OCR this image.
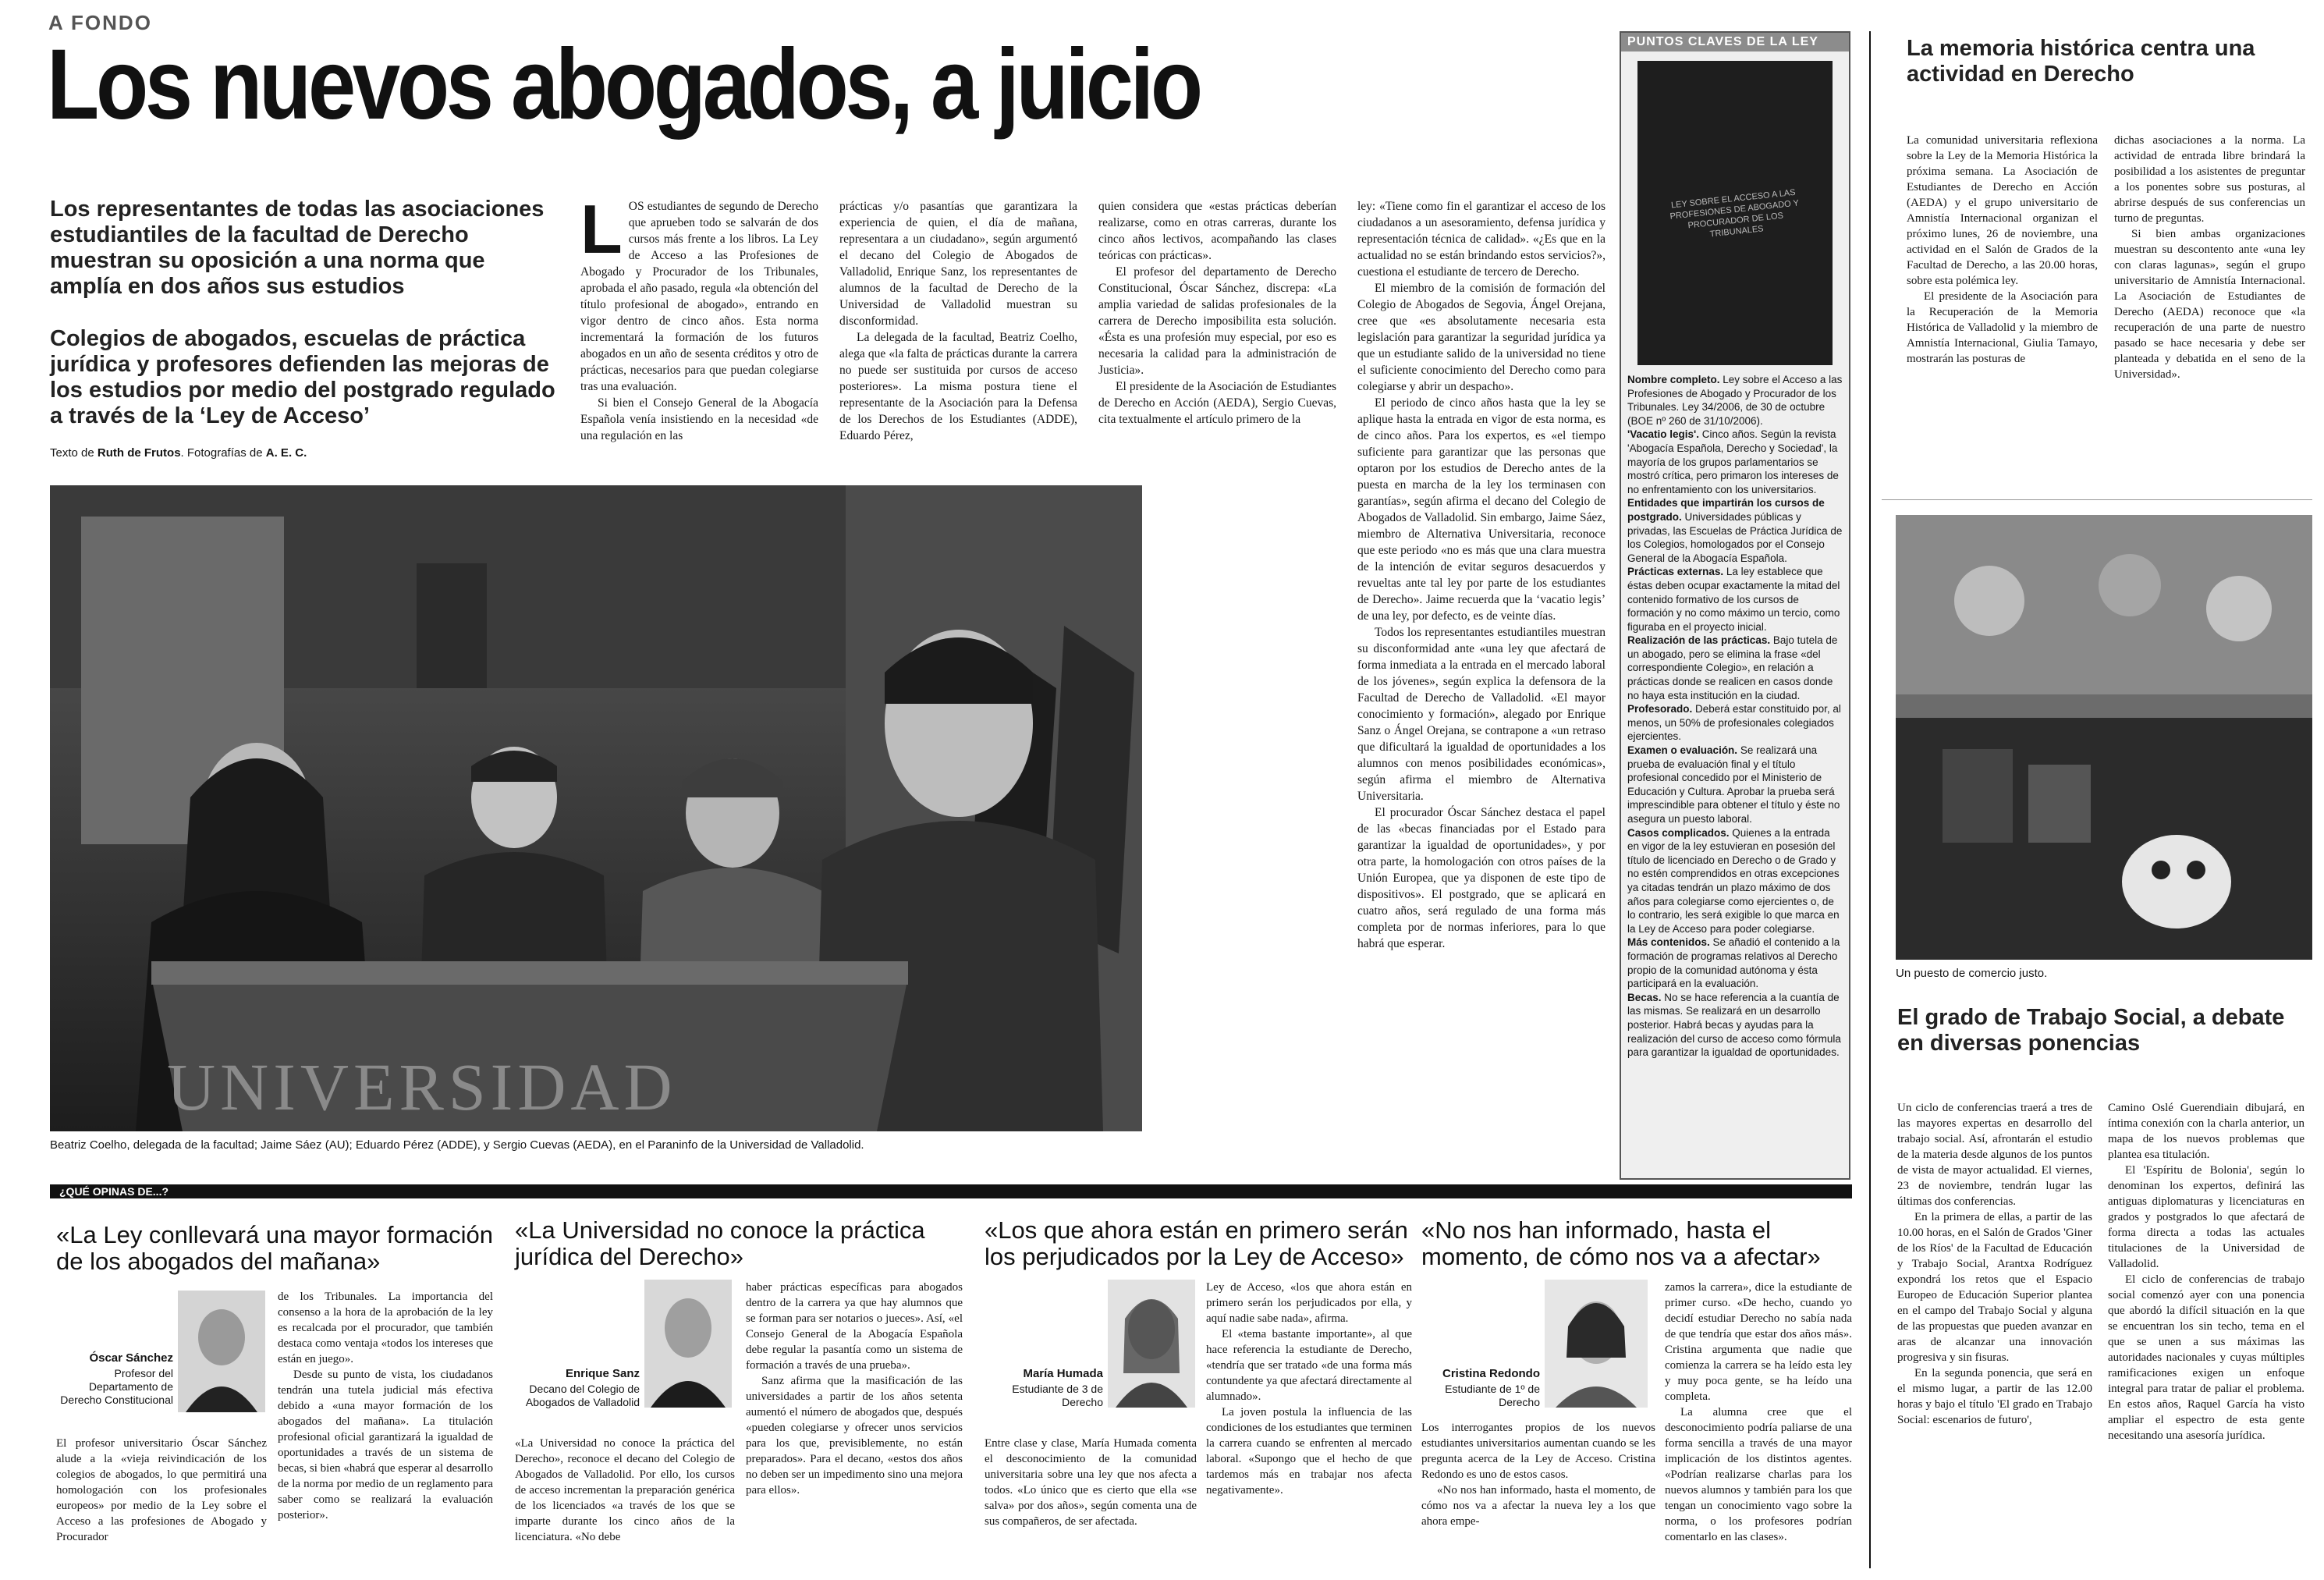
A FONDO
Los nuevos abogados, a juicio
Los representantes de todas las asociaciones estudiantiles de la facultad de Derecho muestran su oposición a una norma que amplía en dos años sus estudios
Colegios de abogados, escuelas de práctica jurídica y profesores defienden las mejoras de los estudios por medio del postgrado regulado a través de la ‘Ley de Acceso’
Texto de Ruth de Frutos. Fotografías de A. E. C.
L OS estudiantes de segundo de Derecho que aprueben todo se salvarán de dos cursos más frente a los libros. La Ley de Acceso a las Profesiones de Abogado y Procurador de los Tribunales, aprobada el año pasado, regula «la obtención del título profesional de abogado», entrando en vigor dentro de cinco años. Esta norma incrementará la formación de los futuros abogados en un año de sesenta créditos y otro de prácticas, necesarios para que puedan colegiarse tras una evaluación.

Si bien el Consejo General de la Abogacía Española venía insistiendo en la necesidad «de una regulación en las

prácticas y/o pasantías que garantizara la experiencia de quien, el día de mañana, representara a un ciudadano», según argumentó el decano del Colegio de Abogados de Valladolid, Enrique Sanz, los representantes de alumnos de la facultad de Derecho de la Universidad de Valladolid muestran su disconformidad.

La delegada de la facultad, Beatriz Coelho, alega que «la falta de prácticas durante la carrera no puede ser sustituida por cursos de acceso posteriores». La misma postura tiene el representante de la Asociación para la Defensa de los Derechos de los Estudiantes (ADDE), Eduardo Pérez,

quien considera que «estas prácticas deberían realizarse, como en otras carreras, durante los cinco años lectivos, acompañando las clases teóricas con prácticas».

El profesor del departamento de Derecho Constitucional, Óscar Sánchez, discrepa: «La amplia variedad de salidas profesionales de la carrera de Derecho imposibilita esta solución. «Ésta es una profesión muy especial, por eso es necesaria la calidad para la administración de Justicia».

El presidente de la Asociación de Estudiantes de Derecho en Acción (AEDA), Sergio Cuevas, cita textualmente el artículo primero de la

ley: «Tiene como fin el garantizar el acceso de los ciudadanos a un asesoramiento, defensa jurídica y representación técnica de calidad». «¿Es que en la actualidad no se están brindando estos servicios?», cuestiona el estudiante de tercero de Derecho.

El miembro de la comisión de formación del Colegio de Abogados de Segovia, Ángel Orejana, cree que «es absolutamente necesaria esta legislación para garantizar la seguridad jurídica ya que un estudiante salido de la universidad no tiene el suficiente conocimiento del Derecho como para colegiarse y abrir un despacho».

El periodo de cinco años hasta que la ley se aplique hasta la entrada en vigor de esta norma, es de cinco años. Para los expertos, es «el tiempo suficiente para garantizar que las personas que optaron por los estudios de Derecho antes de la puesta en marcha de la ley los terminasen con garantías», según afirma el decano del Colegio de Abogados de Valladolid. Sin embargo, Jaime Sáez, miembro de Alternativa Universitaria, reconoce que este periodo «no es más que una clara muestra de la intención de evitar seguros desacuerdos y revueltas ante tal ley por parte de los estudiantes de Derecho». Jaime recuerda que la ‘vacatio legis’ de una ley, por defecto, es de veinte días.

Todos los representantes estudiantiles muestran su disconformidad ante «una ley que afectará de forma inmediata a la entrada en el mercado laboral de los jóvenes», según explica la defensora de la Facultad de Derecho de Valladolid. «El mayor conocimiento y formación», alegado por Enrique Sanz o Ángel Orejana, se contrapone a «un retraso que dificultará la igualdad de oportunidades a los alumnos con menos posibilidades económicas», según afirma el miembro de Alternativa Universitaria.

El procurador Óscar Sánchez destaca el papel de las «becas financiadas por el Estado para garantizar la igualdad de oportunidades», y por otra parte, la homologación con otros países de la Unión Europea, que ya disponen de este tipo de dispositivos». El postgrado, que se aplicará en cuatro años, será regulado de una forma más completa por de normas inferiores, para lo que habrá que esperar.

UNIVERSIDAD
Beatriz Coelho, delegada de la facultad; Jaime Sáez (AU); Eduardo Pérez (ADDE), y Sergio Cuevas (AEDA), en el Paraninfo de la Universidad de Valladolid.
PUNTOS CLAVES DE LA LEY
LEY SOBRE EL ACCESO A LAS PROFESIONES DE ABOGADO Y PROCURADOR DE LOS TRIBUNALES

Nombre completo. Ley sobre el Acceso a las Profesiones de Abogado y Procurador de los Tribunales. Ley 34/2006, de 30 de octubre (BOE nº 260 de 31/10/2006).

'Vacatio legis'. Cinco años. Según la revista 'Abogacía Española, Derecho y Sociedad', la mayoría de los grupos parlamentarios se mostró crítica, pero primaron los intereses de no enfrentamiento con los universitarios.

Entidades que impartirán los cursos de postgrado. Universidades públicas y privadas, las Escuelas de Práctica Jurídica de los Colegios, homologados por el Consejo General de la Abogacía Española.

Prácticas externas. La ley establece que éstas deben ocupar exactamente la mitad del contenido formativo de los cursos de formación y no como máximo un tercio, como figuraba en el proyecto inicial.

Realización de las prácticas. Bajo tutela de un abogado, pero se elimina la frase «del correspondiente Colegio», en relación a prácticas donde se realicen en casos donde no haya esta institución en la ciudad.

Profesorado. Deberá estar constituido por, al menos, un 50% de profesionales colegiados ejercientes.

Examen o evaluación. Se realizará una prueba de evaluación final y el título profesional concedido por el Ministerio de Educación y Cultura. Aprobar la prueba será imprescindible para obtener el título y éste no asegura un puesto laboral.

Casos complicados. Quienes a la entrada en vigor de la ley estuvieran en posesión del título de licenciado en Derecho o de Grado y no estén comprendidos en otras excepciones ya citadas tendrán un plazo máximo de dos años para colegiarse como ejercientes o, de lo contrario, les será exigible lo que marca en la Ley de Acceso para poder colegiarse.

Más contenidos. Se añadió el contenido a la formación de programas relativos al Derecho propio de la comunidad autónoma y ésta participará en la evaluación.

Becas. No se hace referencia a la cuantía de las mismas. Se realizará en un desarrollo posterior. Habrá becas y ayudas para la realización del curso de acceso como fórmula para garantizar la igualdad de oportunidades.

La memoria histórica centra una actividad en Derecho

La comunidad universitaria reflexiona sobre la Ley de la Memoria Histórica la próxima semana. La Asociación de Estudiantes de Derecho en Acción (AEDA) y el grupo universitario de Amnistía Internacional organizan el próximo lunes, 26 de noviembre, una actividad en el Salón de Grados de la Facultad de Derecho, a las 20.00 horas, sobre esta polémica ley.

El presidente de la Asociación para la Recuperación de la Memoria Histórica de Valladolid y la miembro de Amnistía Internacional, Giulia Tamayo, mostrarán las posturas de

dichas asociaciones a la norma. La actividad de entrada libre brindará la posibilidad a los asistentes de preguntar a los ponentes sobre sus posturas, al abrirse después de sus conferencias un turno de preguntas.

Si bien ambas organizaciones muestran su descontento ante «una ley con claras lagunas», según el grupo universitario de Amnistía Internacional. La Asociación de Estudiantes de Derecho (AEDA) reconoce que «la recuperación de una parte de nuestro pasado se hace necesaria y debe ser planteada y debatida en el seno de la Universidad».

Un puesto de comercio justo.
El grado de Trabajo Social, a debate en diversas ponencias

Un ciclo de conferencias traerá a tres de las mayores expertas en desarrollo del trabajo social. Así, afrontarán el estudio de la materia desde algunos de los puntos de vista de mayor actualidad. El viernes, 23 de noviembre, tendrán lugar las últimas dos conferencias.

En la primera de ellas, a partir de las 10.00 horas, en el Salón de Grados 'Giner de los Ríos' de la Facultad de Educación y Trabajo Social, Arantxa Rodríguez expondrá los retos que el Espacio Europeo de Educación Superior plantea en el campo del Trabajo Social y alguna de las propuestas que pueden avanzar en aras de alcanzar una innovación progresiva y sin fisuras.

En la segunda ponencia, que será en el mismo lugar, a partir de las 12.00 horas y bajo el título 'El grado en Trabajo Social: escenarios de futuro',

Camino Oslé Guerendiain dibujará, en íntima conexión con la charla anterior, un mapa de los nuevos problemas que plantea esa titulación.

El 'Espíritu de Bolonia', según lo denominan los expertos, definirá las antiguas diplomaturas y licenciaturas en grados y postgrados lo que afectará de forma directa a todas las actuales titulaciones de la Universidad de Valladolid.

El ciclo de conferencias de trabajo social comenzó ayer con una ponencia que abordó la difícil situación en la que se encuentran los sin techo, tema en el que se unen a sus máximas las autoridades nacionales y cuyas múltiples ramificaciones exigen un enfoque integral para tratar de paliar el problema. En estos años, Raquel García ha visto ampliar el espectro de esta gente necesitando una asesoría jurídica.

¿QUÉ OPINAS DE...?
«La Ley conllevará una mayor formación de los abogados del mañana»
Óscar Sánchez
Profesor del Departamento de Derecho Constitucional

El profesor universitario Óscar Sánchez alude a la «vieja reivindicación de los colegios de abogados, lo que permitirá una homologación con los profesionales europeos» por medio de la Ley sobre el Acceso a las profesiones de Abogado y Procurador

de los Tribunales. La importancia del consenso a la hora de la aprobación de la ley es recalcada por el procurador, que también destaca como ventaja «todos los intereses que están en juego».

Desde su punto de vista, los ciudadanos tendrán una tutela judicial más efectiva debido a «una mayor formación de los abogados del mañana». La titulación profesional oficial garantizará la igualdad de oportunidades a través de un sistema de becas, si bien «habrá que esperar al desarrollo de la norma por medio de un reglamento para saber como se realizará la evaluación posterior».

«La Universidad no conoce la práctica jurídica del Derecho»
Enrique Sanz
Decano del Colegio de Abogados de Valladolid

«La Universidad no conoce la práctica del Derecho», reconoce el decano del Colegio de Abogados de Valladolid. Por ello, los cursos de acceso incrementan la preparación genérica de los licenciados «a través de los que se imparte durante los cinco años de la licenciatura. «No debe

haber prácticas específicas para abogados dentro de la carrera ya que hay alumnos que se forman para ser notarios o jueces». Así, «el Consejo General de la Abogacía Española debe regular la pasantía como un sistema de formación a través de una prueba».

Sanz afirma que la masificación de las universidades a partir de los años setenta aumentó el número de abogados que, después «pueden colegiarse y ofrecer unos servicios para los que, previsiblemente, no están preparados». Para el decano, «estos dos años no deben ser un impedimento sino una mejora para ellos».

«Los que ahora están en primero serán los perjudicados por la Ley de Acceso»
María Humada
Estudiante de 3 de Derecho

Entre clase y clase, María Humada comenta el desconocimiento de la comunidad universitaria sobre una ley que nos afecta a todos. «Lo único que es cierto que ella «se salva» por dos años», según comenta una de sus compañeros, de ser afectada.

Ley de Acceso, «los que ahora están en primero serán los perjudicados por ella, y aquí nadie sabe nada», afirma.

El «tema bastante importante», al que hace referencia la estudiante de Derecho, «tendría que ser tratado «de una forma más contundente ya que afectará directamente al alumnado».

La joven postula la influencia de las condiciones de los estudiantes que terminen la carrera cuando se enfrenten al mercado laboral. «Supongo que el hecho de que tardemos más en trabajar nos afecta negativamente».

«No nos han informado, hasta el momento, de cómo nos va a afectar»
Cristina Redondo
Estudiante de 1º de Derecho

Los interrogantes propios de los nuevos estudiantes universitarios aumentan cuando se les pregunta acerca de la Ley de Acceso. Cristina Redondo es uno de estos casos.

«No nos han informado, hasta el momento, de cómo nos va a afectar la nueva ley a los que ahora empe-

zamos la carrera», dice la estudiante de primer curso. «De hecho, cuando yo decidí estudiar Derecho no sabía nada de que tendría que estar dos años más». Cristina argumenta que nadie que comienza la carrera se ha leído esta ley y muy poca gente, se ha leído una completa.

La alumna cree que el desconocimiento podría paliarse de una forma sencilla a través de una mayor implicación de los distintos agentes. «Podrían realizarse charlas para los nuevos alumnos y también para los que tengan un conocimiento vago sobre la norma, o los profesores podrían comentarlo en las clases».
